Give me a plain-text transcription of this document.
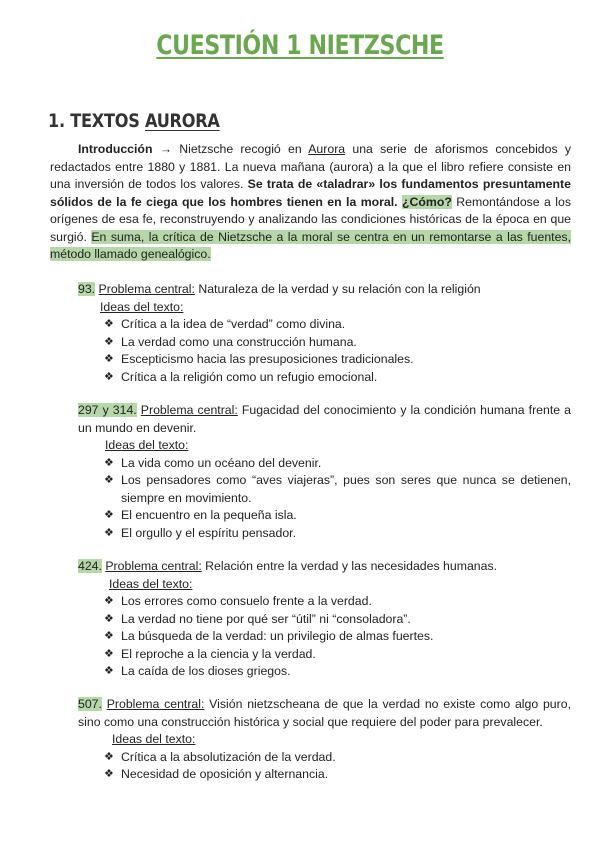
CUESTIÓN 1 NIETZSCHE
1. TEXTOS AURORA

Introducción → Nietzsche recogió en Aurora una serie de aforismos concebidos y redactados entre 1880 y 1881. La nueva mañana (aurora) a la que el libro refiere consiste en una inversión de todos los valores. Se trata de «taladrar» los fundamentos presuntamente sólidos de la fe ciega que los hombres tienen en la moral. ¿Cómo? Remontándose a los orígenes de esa fe, reconstruyendo y analizando las condiciones históricas de la época en que surgió. En suma, la crítica de Nietzsche a la moral se centra en un remontarse a las fuentes, método llamado genealógico.

93. Problema central: Naturaleza de la verdad y su relación con la religión
Ideas del texto:
❖ Crítica a la idea de “verdad” como divina.
❖ La verdad como una construcción humana.
❖ Escepticismo hacia las presuposiciones tradicionales.
❖ Crítica a la religión como un refugio emocional.
297 y 314. Problema central: Fugacidad del conocimiento y la condición humana frente a un mundo en devenir.
Ideas del texto:
❖ La vida como un océano del devenir.
❖ Los pensadores como “aves viajeras”, pues son seres que nunca se detienen, siempre en movimiento.
❖ El encuentro en la pequeña isla.
❖ El orgullo y el espíritu pensador.
424. Problema central: Relación entre la verdad y las necesidades humanas.
Ideas del texto:
❖ Los errores como consuelo frente a la verdad.
❖ La verdad no tiene por qué ser “útil” ni “consoladora”.
❖ La búsqueda de la verdad: un privilegio de almas fuertes.
❖ El reproche a la ciencia y la verdad.
❖ La caída de los dioses griegos.
507. Problema central: Visión nietzscheana de que la verdad no existe como algo puro, sino como una construcción histórica y social que requiere del poder para prevalecer.
Ideas del texto:
❖ Crítica a la absolutización de la verdad.
❖ Necesidad de oposición y alternancia.
